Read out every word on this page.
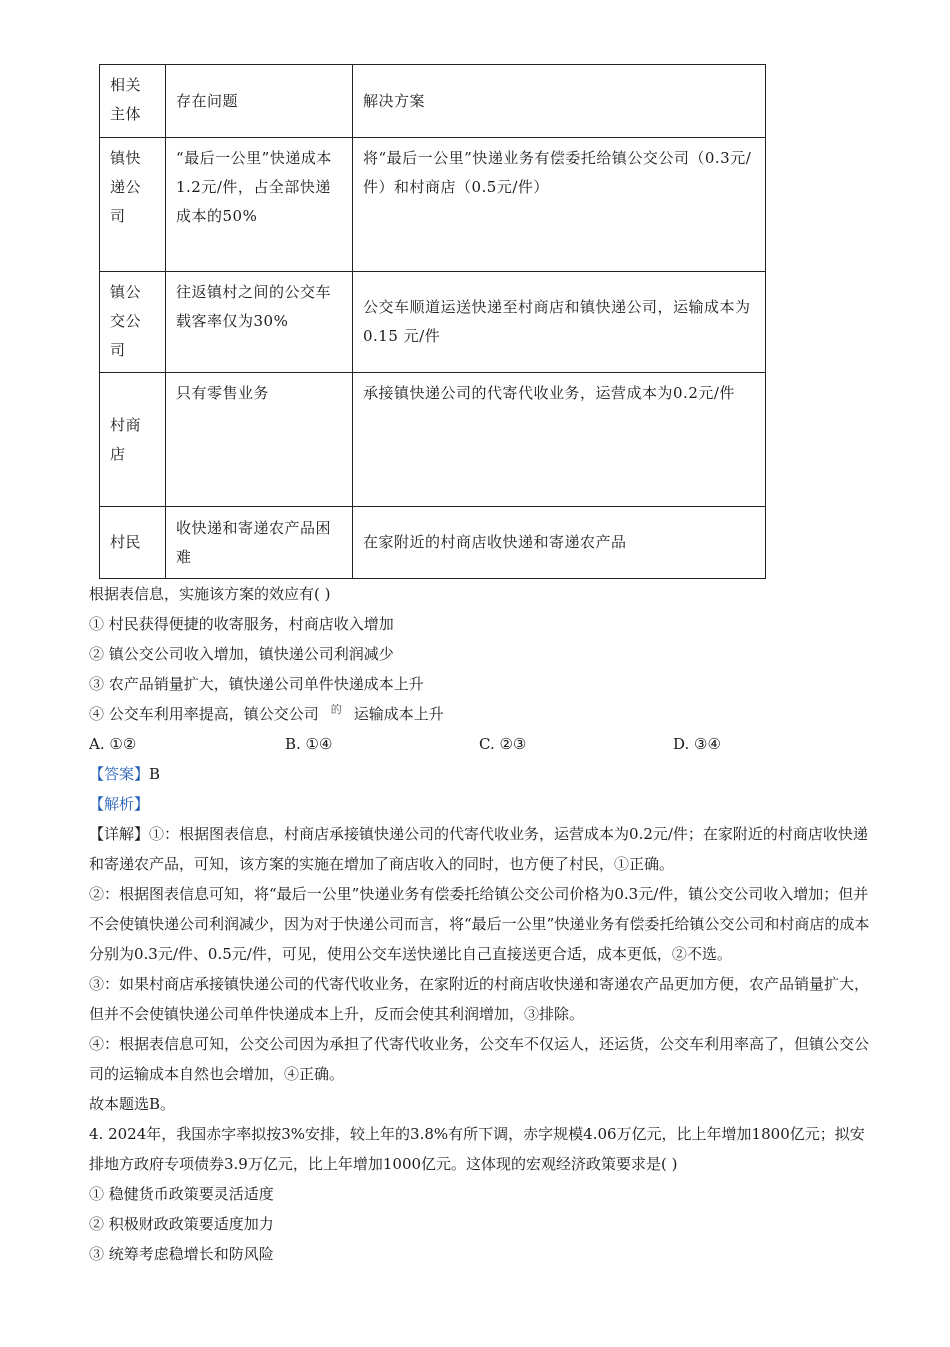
相关主体	存在问题	解决方案
镇快递公司	“最后一公里”快递成本1.2元/件，占全部快递成本的50%	将“最后一公里”快递业务有偿委托给镇公交公司（0.3元/件）和村商店（0.5元/件）
镇公交公司	往返镇村之间的公交车载客率仅为30%	公交车顺道运送快递至村商店和镇快递公司，运输成本为0.15 元/件
村商店	只有零售业务	承接镇快递公司的代寄代收业务，运营成本为0.2元/件
村民	收快递和寄递农产品困难	在家附近的村商店收快递和寄递农产品
根据表信息，实施该方案的效应有( )
① 村民获得便捷的收寄服务，村商店收入增加
② 镇公交公司收入增加，镇快递公司利润减少
③ 农产品销量扩大，镇快递公司单件快递成本上升
④ 公交车利用率提高，镇公交公司 $^的$ 运输成本上升
A. ①②	B. ①④	C. ②③	D. ③④
【答案】B
【解析】
【详解】①：根据图表信息，村商店承接镇快递公司的代寄代收业务，运营成本为0.2元/件；在家附近的村商店收快递和寄递农产品，可知，该方案的实施在增加了商店收入的同时，也方便了村民，①正确。
②：根据图表信息可知，将“最后一公里”快递业务有偿委托给镇公交公司价格为0.3元/件，镇公交公司收入增加；但并不会使镇快递公司利润减少，因为对于快递公司而言，将“最后一公里”快递业务有偿委托给镇公交公司和村商店的成本分别为0.3元/件、0.5元/件，可见，使用公交车送快递比自己直接送更合适，成本更低，②不选。
③：如果村商店承接镇快递公司的代寄代收业务，在家附近的村商店收快递和寄递农产品更加方便，农产品销量扩大，但并不会使镇快递公司单件快递成本上升，反而会使其利润增加，③排除。
④：根据表信息可知，公交公司因为承担了代寄代收业务，公交车不仅运人，还运货，公交车利用率高了，但镇公交公司的运输成本自然也会增加，④正确。
故本题选B。
4. 2024年，我国赤字率拟按3%安排，较上年的3.8%有所下调，赤字规模4.06万亿元，比上年增加1800亿元；拟安排地方政府专项债券3.9万亿元，比上年增加1000亿元。这体现的宏观经济政策要求是( )
① 稳健货币政策要灵活适度
② 积极财政政策要适度加力
③ 统筹考虑稳增长和防风险
